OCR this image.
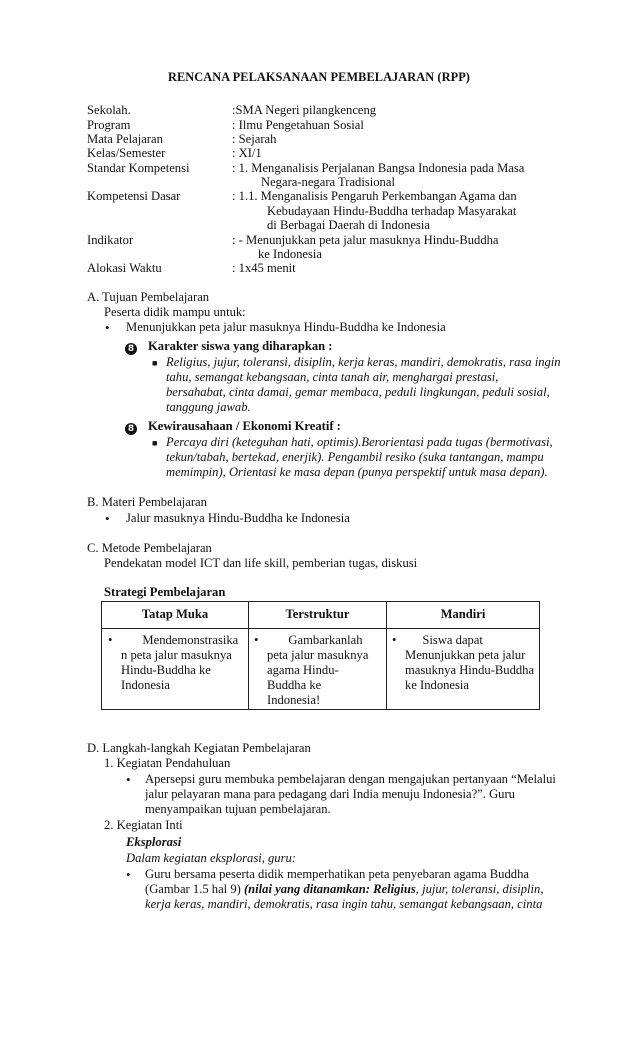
RENCANA PELAKSANAAN PEMBELAJARAN (RPP)
Sekolah.	:SMA Negeri pilangkenceng
Program	: Ilmu Pengetahuan Sosial
Mata Pelajaran	: Sejarah
Kelas/Semester	: XI/1
Standar Kompetensi	: 1. Menganalisis Perjalanan Bangsa Indonesia pada Masa
Negara-negara Tradisional
Kompetensi Dasar	: 1.1. Menganalisis Pengaruh Perkembangan Agama dan
Kebudayaan Hindu-Buddha terhadap Masyarakat
di Berbagai Daerah di Indonesia
Indikator	: - Menunjukkan peta jalur masuknya Hindu-Buddha
ke Indonesia
Alokasi Waktu	: 1x45 menit
A. Tujuan Pembelajaran
Peserta didik mampu untuk:
• Menunjukkan peta jalur masuknya Hindu-Buddha ke Indonesia
8 Karakter siswa yang diharapkan :
■ Religius, jujur, toleransi, disiplin, kerja keras, mandiri, demokratis, rasa ingin
tahu, semangat kebangsaan, cinta tanah air, menghargai prestasi,
bersahabat, cinta damai, gemar membaca, peduli lingkungan, peduli sosial,
tanggung jawab.
8 Kewirausahaan / Ekonomi Kreatif :
■ Percaya diri (keteguhan hati, optimis).Berorientasi pada tugas (bermotivasi,
tekun/tabah, bertekad, enerjik). Pengambil resiko (suka tantangan, mampu
memimpin), Orientasi ke masa depan (punya perspektif untuk masa depan).
B. Materi Pembelajaran
• Jalur masuknya Hindu-Buddha ke Indonesia
C. Metode Pembelajaran
Pendekatan model ICT dan life skill, pemberian tugas, diskusi
Strategi Pembelajaran
Tatap Muka	Terstruktur	Mandiri
• Mendemonstrasika
n peta jalur masuknya
Hindu-Buddha ke
Indonesia
• Gambarkanlah
peta jalur masuknya
agama Hindu-
Buddha ke
Indonesia!
• Siswa dapat
Menunjukkan peta jalur
masuknya Hindu-Buddha
ke Indonesia
D. Langkah-langkah Kegiatan Pembelajaran
1. Kegiatan Pendahuluan
• Apersepsi guru membuka pembelajaran dengan mengajukan pertanyaan “Melalui
jalur pelayaran mana para pedagang dari India menuju Indonesia?”. Guru
menyampaikan tujuan pembelajaran.
2. Kegiatan Inti
Eksplorasi
Dalam kegiatan eksplorasi, guru:
• Guru bersama peserta didik memperhatikan peta penyebaran agama Buddha
(Gambar 1.5 hal 9) (nilai yang ditanamkan: Religius, jujur, toleransi, disiplin,
kerja keras, mandiri, demokratis, rasa ingin tahu, semangat kebangsaan, cinta
